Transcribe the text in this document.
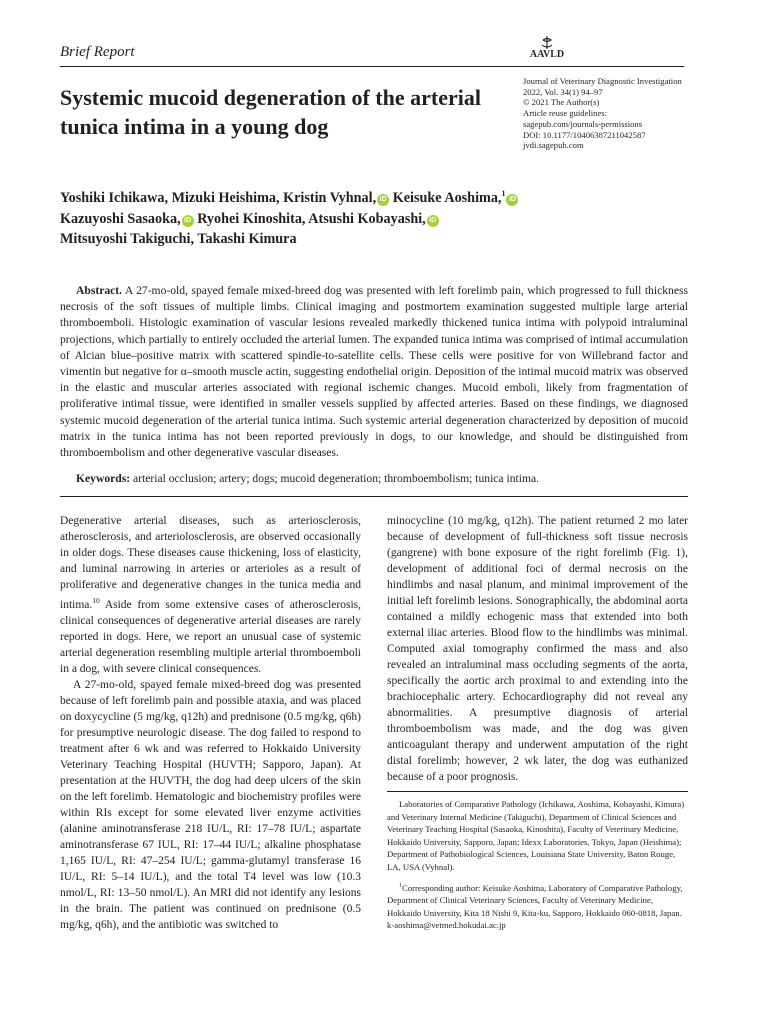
Brief Report	AAVLD
Journal of Veterinary Diagnostic Investigation
2022, Vol. 34(1) 94–97
© 2021 The Author(s)
Article reuse guidelines:
sagepub.com/journals-permissions
DOI: 10.1177/10406387211042587
jvdi.sagepub.com
Systemic mucoid degeneration of the arterial tunica intima in a young dog
Yoshiki Ichikawa, Mizuki Heishima, Kristin Vyhnal, iD Keisuke Aoshima,$^1$iD
Kazuyoshi Sasaoka, iD Ryohei Kinoshita, Atsushi Kobayashi, iD
Mitsuyoshi Takiguchi, Takashi Kimura

Abstract. A 27-mo-old, spayed female mixed-breed dog was presented with left forelimb pain, which progressed to full thickness necrosis of the soft tissues of multiple limbs. Clinical imaging and postmortem examination suggested multiple large arterial thromboemboli. Histologic examination of vascular lesions revealed markedly thickened tunica intima with polypoid intraluminal projections, which partially to entirely occluded the arterial lumen. The expanded tunica intima was comprised of intimal accumulation of Alcian blue–positive matrix with scattered spindle-to-satellite cells. These cells were positive for von Willebrand factor and vimentin but negative for α–smooth muscle actin, suggesting endothelial origin. Deposition of the intimal mucoid matrix was observed in the elastic and muscular arteries associated with regional ischemic changes. Mucoid emboli, likely from fragmentation of proliferative intimal tissue, were identified in smaller vessels supplied by affected arteries. Based on these findings, we diagnosed systemic mucoid degeneration of the arterial tunica intima. Such systemic arterial degeneration characterized by deposition of mucoid matrix in the tunica intima has not been reported previously in dogs, to our knowledge, and should be distinguished from thromboembolism and other degenerative vascular diseases.

Keywords: arterial occlusion; artery; dogs; mucoid degeneration; thromboembolism; tunica intima.

Degenerative arterial diseases, such as arteriosclerosis, atherosclerosis, and arteriolosclerosis, are observed occasionally in older dogs. These diseases cause thickening, loss of elasticity, and luminal narrowing in arteries or arterioles as a result of proliferative and degenerative changes in the tunica media and intima.$^{10}$ Aside from some extensive cases of atherosclerosis, clinical consequences of degenerative arterial diseases are rarely reported in dogs. Here, we report an unusual case of systemic arterial degeneration resembling multiple arterial thromboemboli in a dog, with severe clinical consequences.

A 27-mo-old, spayed female mixed-breed dog was presented because of left forelimb pain and possible ataxia, and was placed on doxycycline (5 mg/kg, q12h) and prednisone (0.5 mg/kg, q6h) for presumptive neurologic disease. The dog failed to respond to treatment after 6 wk and was referred to Hokkaido University Veterinary Teaching Hospital (HUVTH; Sapporo, Japan). At presentation at the HUVTH, the dog had deep ulcers of the skin on the left forelimb. Hematologic and biochemistry profiles were within RIs except for some elevated liver enzyme activities (alanine aminotransferase 218 IU/L, RI: 17–78 IU/L; aspartate aminotransferase 67 IUL, RI: 17–44 IU/L; alkaline phosphatase 1,165 IU/L, RI: 47–254 IU/L; gamma-glutamyl transferase 16 IU/L, RI: 5–14 IU/L), and the total T4 level was low (10.3 nmol/L, RI: 13–50 nmol/L). An MRI did not identify any lesions in the brain. The patient was continued on prednisone (0.5 mg/kg, q6h), and the antibiotic was switched to

minocycline (10 mg/kg, q12h). The patient returned 2 mo later because of development of full-thickness soft tissue necrosis (gangrene) with bone exposure of the right forelimb (Fig. 1), development of additional foci of dermal necrosis on the hindlimbs and nasal planum, and minimal improvement of the initial left forelimb lesions. Sonographically, the abdominal aorta contained a mildly echogenic mass that extended into both external iliac arteries. Blood flow to the hindlimbs was minimal. Computed axial tomography confirmed the mass and also revealed an intraluminal mass occluding segments of the aorta, specifically the aortic arch proximal to and extending into the brachiocephalic artery. Echocardiography did not reveal any abnormalities. A presumptive diagnosis of arterial thromboembolism was made, and the dog was given anticoagulant therapy and underwent amputation of the right distal forelimb; however, 2 wk later, the dog was euthanized because of a poor prognosis.

Laboratories of Comparative Pathology (Ichikawa, Aoshima, Kobayashi, Kimura) and Veterinary Internal Medicine (Takiguchi), Department of Clinical Sciences and Veterinary Teaching Hospital (Sasaoka, Kinoshita), Faculty of Veterinary Medicine, Hokkaido University, Sapporo, Japan; Idexx Laboratories, Tokyo, Japan (Heishima); Department of Pathobiological Sciences, Louisiana State University, Baton Rouge, LA, USA (Vyhnal).

$^1$Corresponding author: Keisuke Aoshima, Laboratory of Comparative Pathology, Department of Clinical Veterinary Sciences, Faculty of Veterinary Medicine, Hokkaido University, Kita 18 Nishi 9, Kita-ku, Sapporo, Hokkaido 060-0818, Japan. k-aoshima@vetmed.hokudai.ac.jp
